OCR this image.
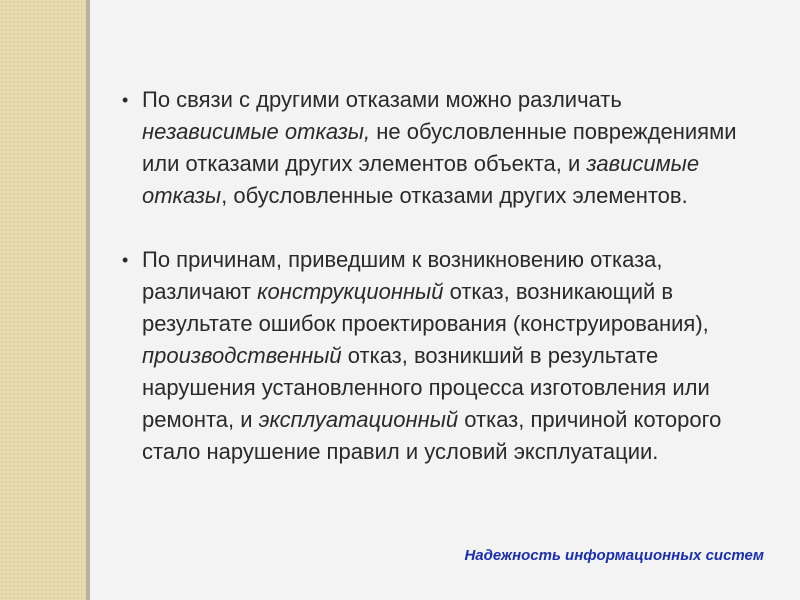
• По связи с другими отказами можно различать независимые отказы, не обусловленные повреждениями или отказами других элементов объекта, и зависимые отказы, обусловленные отказами других элементов.
• По причинам, приведшим к возникновению отказа, различают конструкционный отказ, возникающий в результате ошибок проектирования (конструирования), производственный отказ, возникший в результате нарушения установленного процесса изготовления или ремонта, и эксплуатационный отказ, причиной которого стало нарушение правил и условий эксплуатации.
Надежность информационных систем
